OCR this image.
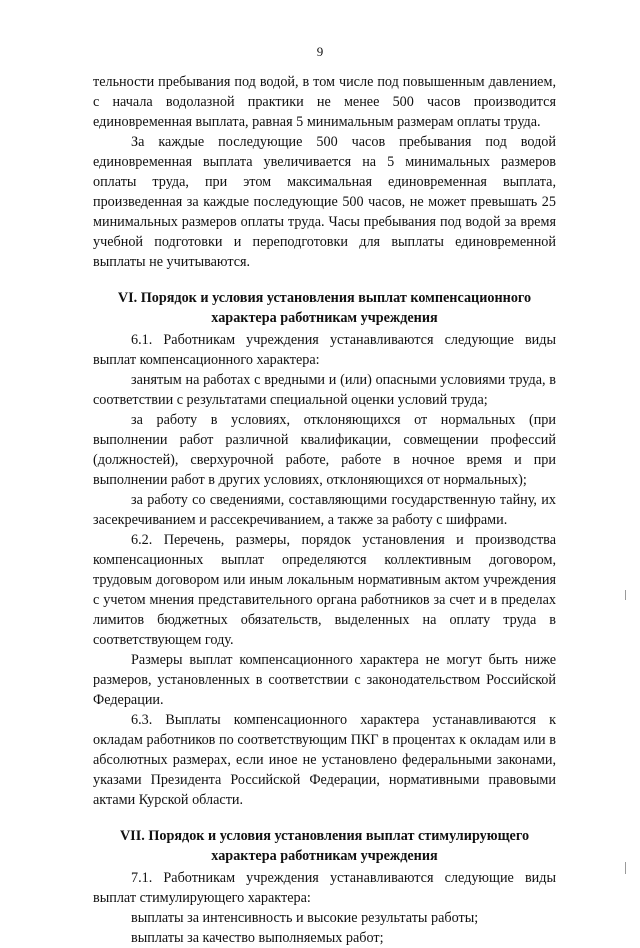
9

тельности пребывания под водой, в том числе под повышенным давлением, с начала водолазной практики не менее 500 часов производится единовременная выплата, равная 5 минимальным размерам оплаты труда.

За каждые последующие 500 часов пребывания под водой единовременная выплата увеличивается на 5 минимальных размеров оплаты труда, при этом максимальная единовременная выплата, произведенная за каждые последующие 500 часов, не может превышать 25 минимальных размеров оплаты труда. Часы пребывания под водой за время учебной подготовки и переподготовки для выплаты единовременной выплаты не учитываются.

VI. Порядок и условия установления выплат компенсационного

характера работникам учреждения

6.1. Работникам учреждения устанавливаются следующие виды выплат компенсационного характера:

занятым на работах с вредными и (или) опасными условиями труда, в соответствии с результатами специальной оценки условий труда;

за работу в условиях, отклоняющихся от нормальных (при выполнении работ различной квалификации, совмещении профессий (должностей), сверхурочной работе, работе в ночное время и при выполнении работ в других условиях, отклоняющихся от нормальных);

за работу со сведениями, составляющими государственную тайну, их засекречиванием и рассекречиванием, а также за работу с шифрами.

6.2. Перечень, размеры, порядок установления и производства компенсационных выплат определяются коллективным договором, трудовым договором или иным локальным нормативным актом учреждения с учетом мнения представительного органа работников за счет и в пределах лимитов бюджетных обязательств, выделенных на оплату труда в соответствующем году.

Размеры выплат компенсационного характера не могут быть ниже размеров, установленных в соответствии с законодательством Российской Федерации.

6.3. Выплаты компенсационного характера устанавливаются к окладам работников по соответствующим ПКГ в процентах к окладам или в абсолютных размерах, если иное не установлено федеральными законами, указами Президента Российской Федерации, нормативными правовыми актами Курской области.

VII. Порядок и условия установления выплат стимулирующего

характера работникам учреждения

7.1. Работникам учреждения устанавливаются следующие виды выплат стимулирующего характера:

выплаты за интенсивность и высокие результаты работы;

выплаты за качество выполняемых работ;
